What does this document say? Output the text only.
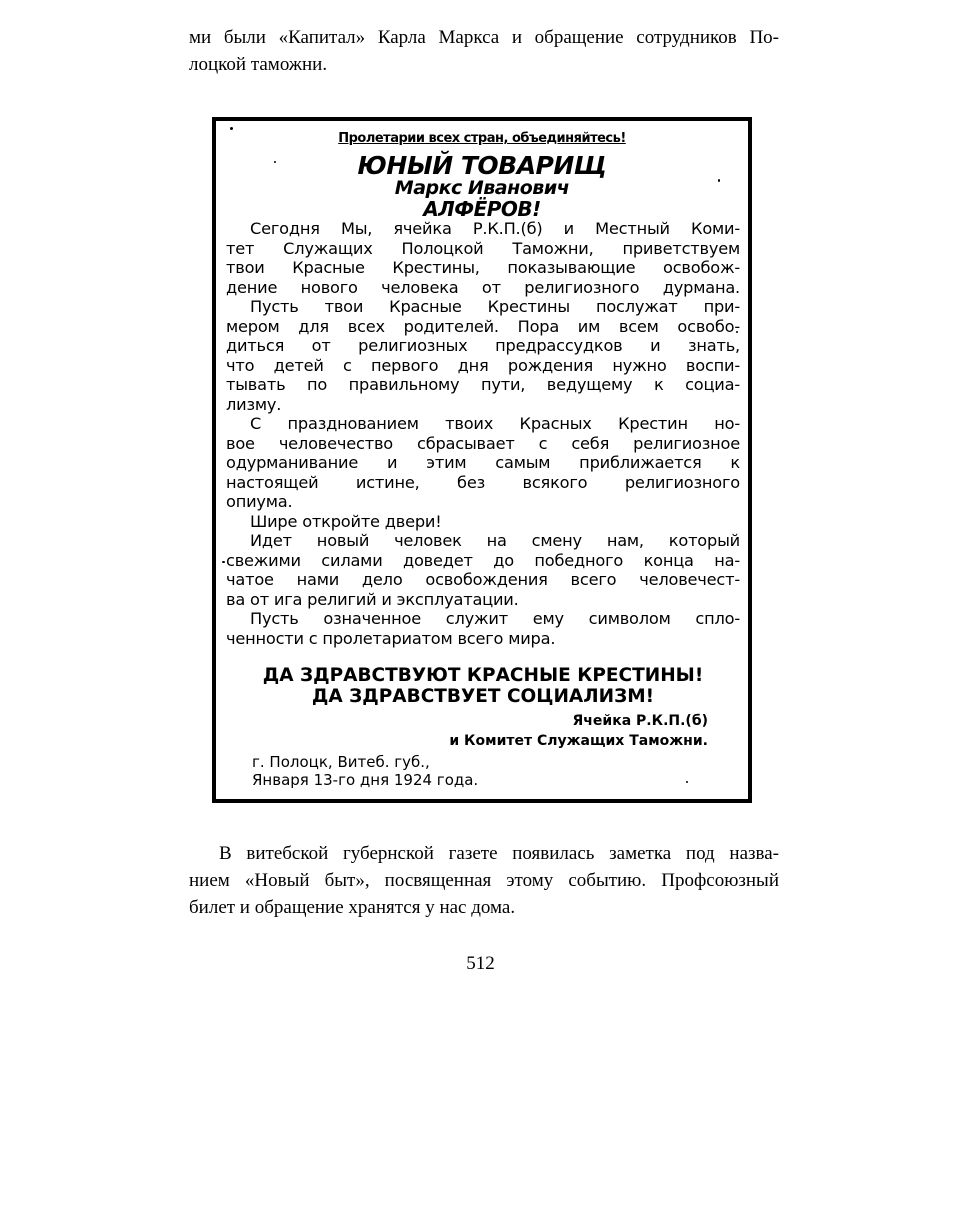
ми были «Капитал» Карла Маркса и обращение сотрудников По-
лоцкой таможни.
Пролетарии всех стран, объединяйтесь!
ЮНЫЙ ТОВАРИЩ
Маркс Иванович
АЛФЁРОВ!
Сегодня Мы, ячейка Р.К.П.(б) и Местный Коми-
тет Служащих Полоцкой Таможни, приветствуем
твои Красные Крестины, показывающие освобож-
дение нового человека от религиозного дурмана.
Пусть твои Красные Крестины послужат при-
мером для всех родителей. Пора им всем освобо-
диться от религиозных предрассудков и знать,
что детей с первого дня рождения нужно воспи-
тывать по правильному пути, ведущему к социа-
лизму.
С празднованием твоих Красных Крестин но-
вое человечество сбрасывает с себя религиозное
одурманивание и этим самым приближается к
настоящей истине, без всякого религиозного
опиума.
Шире откройте двери!
Идет новый человек на смену нам, который
свежими силами доведет до победного конца на-
чатое нами дело освобождения всего человечест-
ва от ига религий и эксплуатации.
Пусть означенное служит ему символом спло-
ченности с пролетариатом всего мира.
ДА ЗДРАВСТВУЮТ КРАСНЫЕ КРЕСТИНЫ!
ДА ЗДРАВСТВУЕТ СОЦИАЛИЗМ!
Ячейка Р.К.П.(б)
и Комитет Служащих Таможни.
г. Полоцк, Витеб. губ.,
Января 13-го дня 1924 года.
В витебской губернской газете появилась заметка под назва-
нием «Новый быт», посвященная этому событию. Профсоюзный
билет и обращение хранятся у нас дома.
512
